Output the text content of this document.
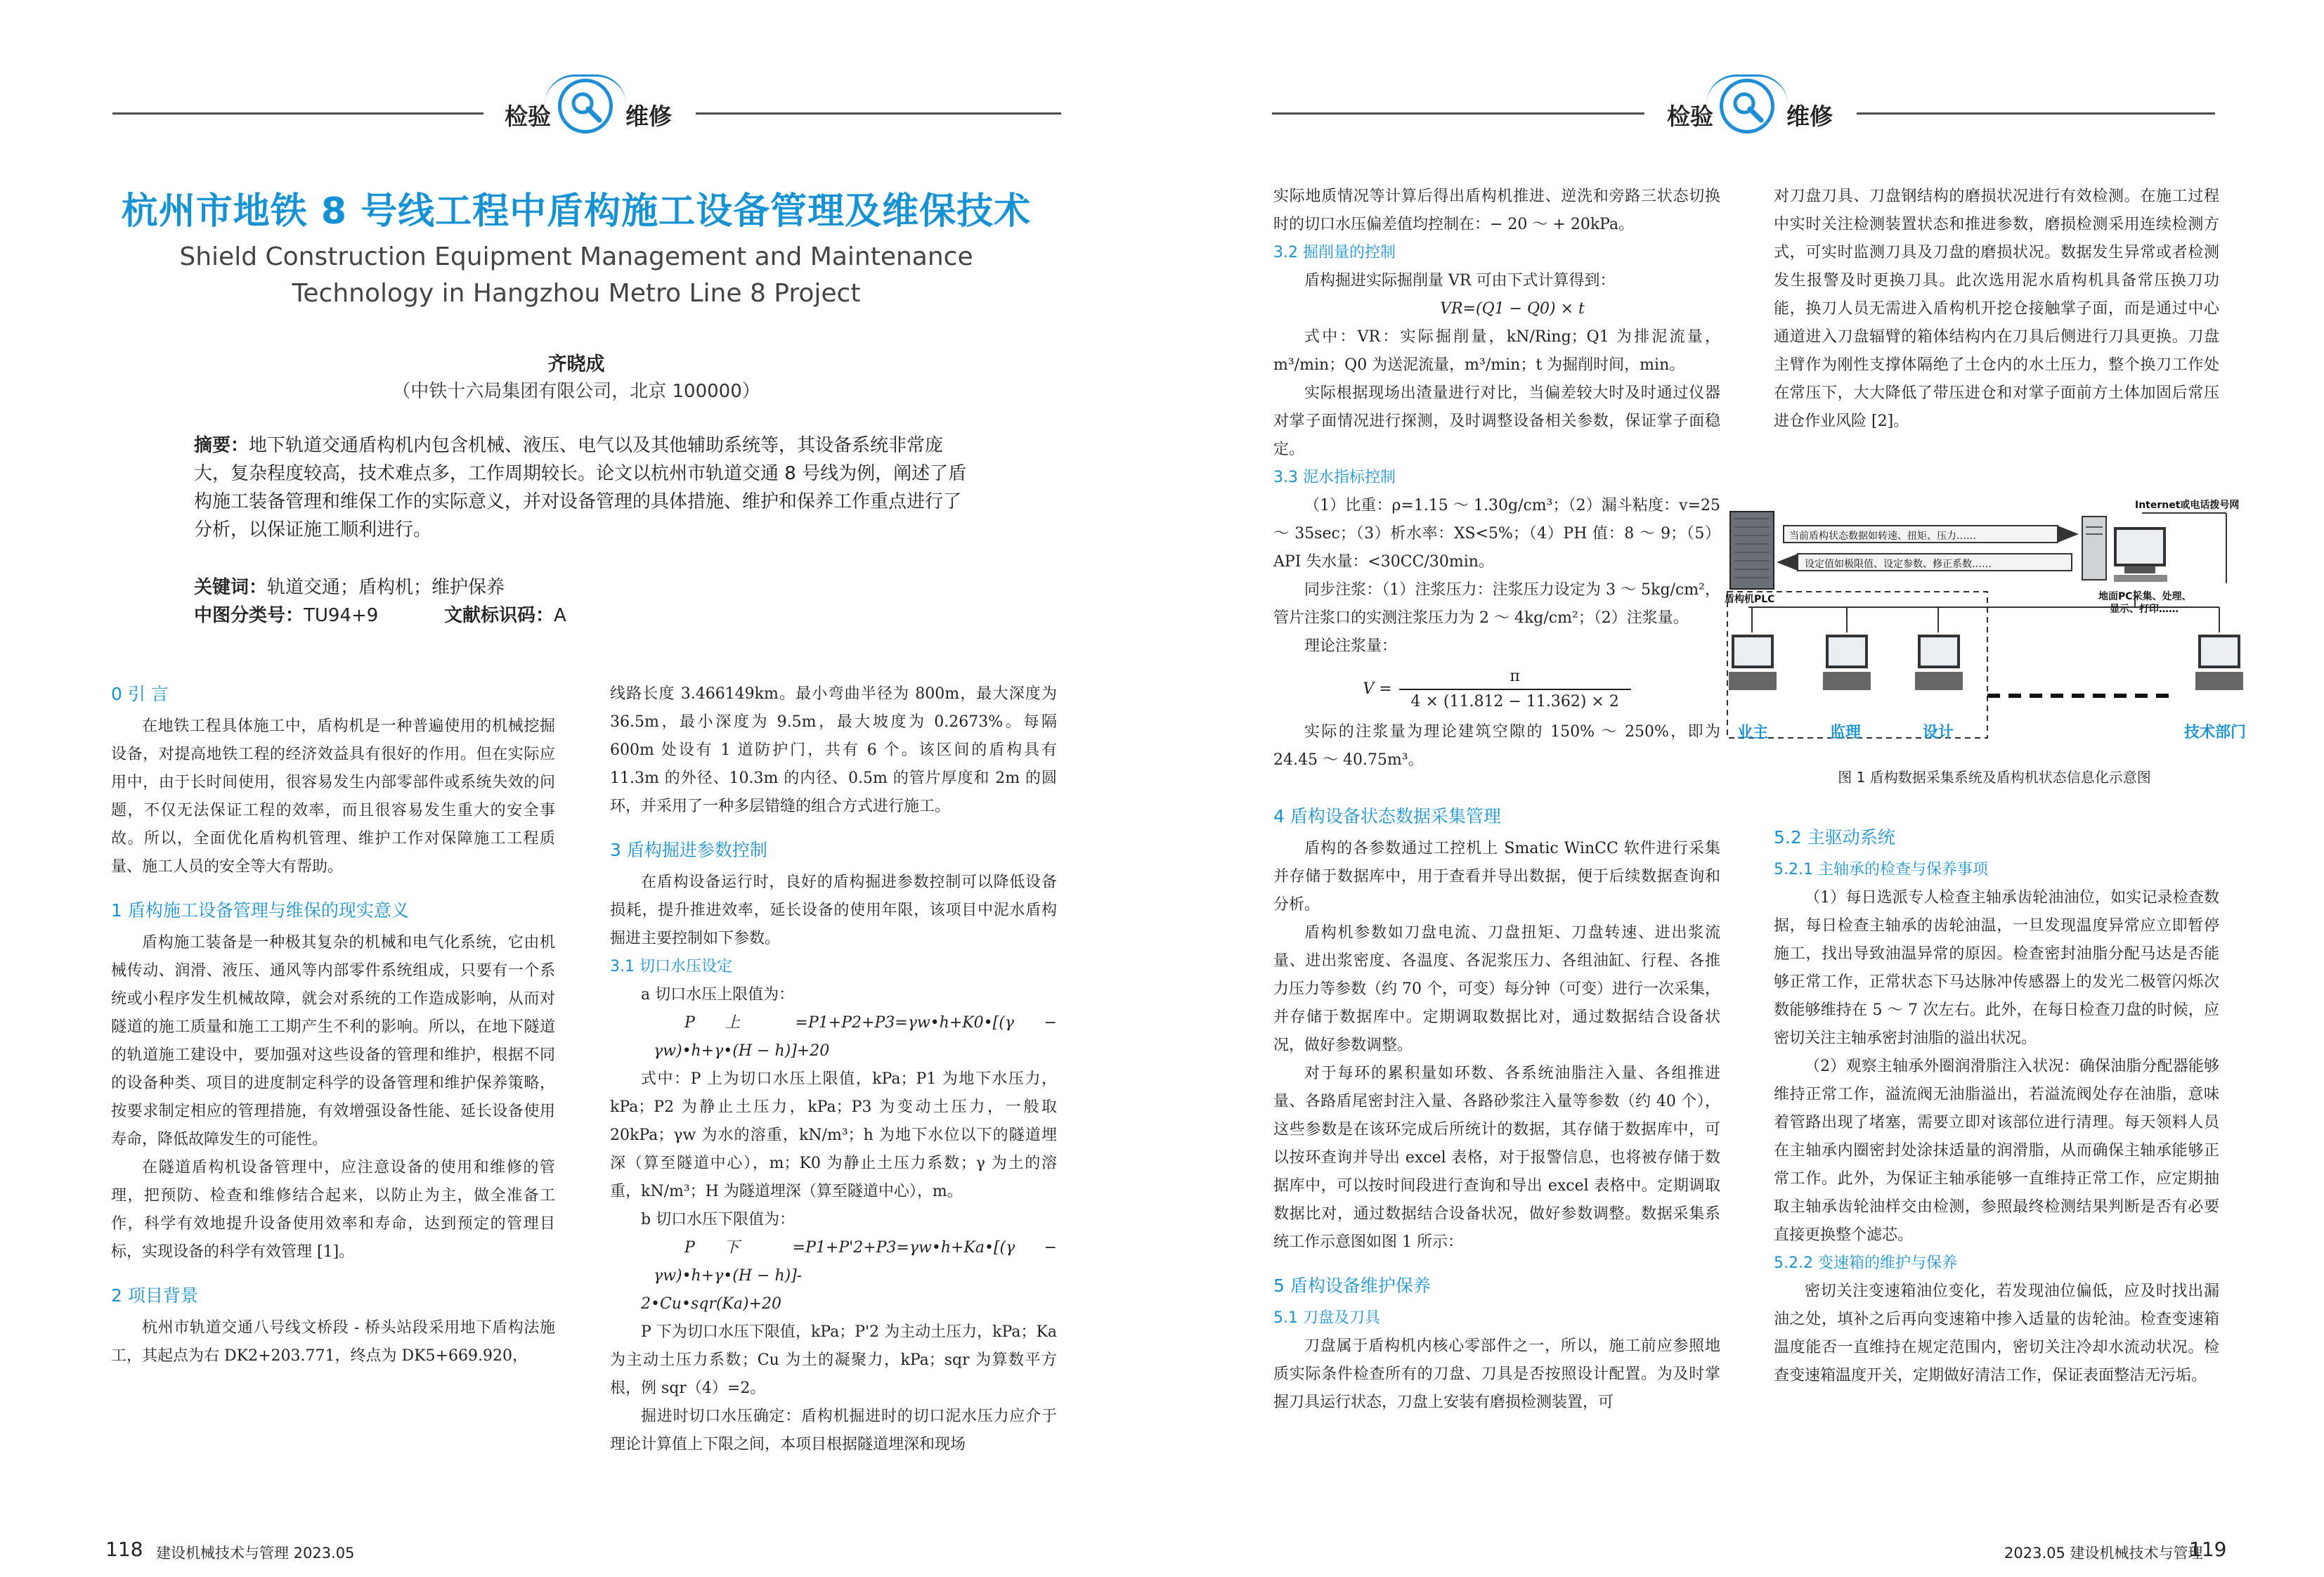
检验	维修	检验	维修
杭州市地铁 8 号线工程中盾构施工设备管理及维保技术
Shield Construction Equipment Management and Maintenance Technology in Hangzhou Metro Line 8 Project
齐晓成
（中铁十六局集团有限公司，北京 100000）
摘要：地下轨道交通盾构机内包含机械、液压、电气以及其他辅助系统等，其设备系统非常庞大，复杂程度较高，技术难点多，工作周期较长。论文以杭州市轨道交通 8 号线为例，阐述了盾构施工装备管理和维保工作的实际意义，并对设备管理的具体措施、维护和保养工作重点进行了分析，以保证施工顺利进行。
关键词：轨道交通；盾构机；维护保养
中图分类号：TU94+9	文献标识码：A
0 引 言

在地铁工程具体施工中，盾构机是一种普遍使用的机械挖掘设备，对提高地铁工程的经济效益具有很好的作用。但在实际应用中，由于长时间使用，很容易发生内部零部件或系统失效的问题，不仅无法保证工程的效率，而且很容易发生重大的安全事故。所以，全面优化盾构机管理、维护工作对保障施工工程质量、施工人员的安全等大有帮助。

1 盾构施工设备管理与维保的现实意义

盾构施工装备是一种极其复杂的机械和电气化系统，它由机械传动、润滑、液压、通风等内部零件系统组成，只要有一个系统或小程序发生机械故障，就会对系统的工作造成影响，从而对隧道的施工质量和施工工期产生不利的影响。所以，在地下隧道的轨道施工建设中，要加强对这些设备的管理和维护，根据不同的设备种类、项目的进度制定科学的设备管理和维护保养策略，按要求制定相应的管理措施，有效增强设备性能、延长设备使用寿命，降低故障发生的可能性。

在隧道盾构机设备管理中，应注意设备的使用和维修的管理，把预防、检查和维修结合起来，以防止为主，做全准备工作，科学有效地提升设备使用效率和寿命，达到预定的管理目标，实现设备的科学有效管理 [1]。

2 项目背景

杭州市轨道交通八号线文桥段 - 桥头站段采用地下盾构法施工，其起点为右 DK2+203.771，终点为 DK5+669.920，

线路长度 3.466149km。最小弯曲半径为 800m，最大深度为 36.5m，最小深度为 9.5m，最大坡度为 0.2673%。每隔 600m 处设有 1 道防护门，共有 6 个。该区间的盾构具有 11.3m 的外径、10.3m 的内径、0.5m 的管片厚度和 2m 的圆环，并采用了一种多层错缝的组合方式进行施工。

3 盾构掘进参数控制

在盾构设备运行时，良好的盾构掘进参数控制可以降低设备损耗，提升推进效率，延长设备的使用年限，该项目中泥水盾构掘进主要控制如下参数。

3.1 切口水压设定

a 切口水压上限值为：

P 上 =P1+P2+P3=γw•h+K0•[(γ − γw)•h+γ•(H − h)]+20

式中：P 上为切口水压上限值，kPa；P1 为地下水压力，kPa；P2 为静止土压力，kPa；P3 为变动土压力，一般取 20kPa；γw 为水的溶重，kN/m³；h 为地下水位以下的隧道埋深（算至隧道中心），m；K0 为静止土压力系数；γ 为土的溶重，kN/m³；H 为隧道埋深（算至隧道中心），m。

b 切口水压下限值为：

P 下 =P1+P'2+P3=γw•h+Ka•[(γ − γw)•h+γ•(H − h)]-

2•Cu•sqr(Ka)+20

P 下为切口水压下限值，kPa；P'2 为主动土压力，kPa；Ka 为主动土压力系数；Cu 为土的凝聚力，kPa；sqr 为算数平方根，例 sqr（4）=2。

掘进时切口水压确定：盾构机掘进时的切口泥水压力应介于理论计算值上下限之间，本项目根据隧道埋深和现场

实际地质情况等计算后得出盾构机推进、逆洗和旁路三状态切换时的切口水压偏差值均控制在：− 20 ～ + 20kPa。

3.2 掘削量的控制

盾构掘进实际掘削量 VR 可由下式计算得到：

VR=(Q1 − Q0) × t

式中：VR：实际掘削量，kN/Ring；Q1 为排泥流量，m³/min；Q0 为送泥流量，m³/min；t 为掘削时间，min。

实际根据现场出渣量进行对比，当偏差较大时及时通过仪器对掌子面情况进行探测，及时调整设备相关参数，保证掌子面稳定。

3.3 泥水指标控制

（1）比重：ρ=1.15 ～ 1.30g/cm³；（2）漏斗粘度：v=25 ～ 35sec；（3）析水率：XS<5%；（4）PH 值：8 ～ 9；（5）API 失水量：<30CC/30min。

同步注浆：（1）注浆压力：注浆压力设定为 3 ～ 5kg/cm²，管片注浆口的实测注浆压力为 2 ～ 4kg/cm²；（2）注浆量。

理论注浆量：

V =
π
4 × (11.812 − 11.362) × 2

实际的注浆量为理论建筑空隙的 150% ～ 250%，即为 24.45 ～ 40.75m³。

4 盾构设备状态数据采集管理

盾构的各参数通过工控机上 Smatic WinCC 软件进行采集并存储于数据库中，用于查看并导出数据，便于后续数据查询和分析。

盾构机参数如刀盘电流、刀盘扭矩、刀盘转速、进出浆流量、进出浆密度、各温度、各泥浆压力、各组油缸、行程、各推力压力等参数（约 70 个，可变）每分钟（可变）进行一次采集，并存储于数据库中。定期调取数据比对，通过数据结合设备状况，做好参数调整。

对于每环的累积量如环数、各系统油脂注入量、各组推进量、各路盾尾密封注入量、各路砂浆注入量等参数（约 40 个），这些参数是在该环完成后所统计的数据，其存储于数据库中，可以按环查询并导出 excel 表格，对于报警信息，也将被存储于数据库中，可以按时间段进行查询和导出 excel 表格中。定期调取数据比对，通过数据结合设备状况，做好参数调整。数据采集系统工作示意图如图 1 所示：

5 盾构设备维护保养
5.1 刀盘及刀具

刀盘属于盾构机内核心零部件之一，所以，施工前应参照地质实际条件检查所有的刀盘、刀具是否按照设计配置。为及时掌握刀具运行状态，刀盘上安装有磨损检测装置，可

对刀盘刀具、刀盘钢结构的磨损状况进行有效检测。在施工过程中实时关注检测装置状态和推进参数，磨损检测采用连续检测方式，可实时监测刀具及刀盘的磨损状况。数据发生异常或者检测发生报警及时更换刀具。此次选用泥水盾构机具备常压换刀功能，换刀人员无需进入盾构机开挖仓接触掌子面，而是通过中心通道进入刀盘辐臂的箱体结构内在刀具后侧进行刀具更换。刀盘主臂作为刚性支撑体隔绝了土仓内的水土压力，整个换刀工作处在常压下，大大降低了带压进仓和对掌子面前方土体加固后常压进仓作业风险 [2]。

Internet或电话拨号网
当前盾构状态数据如转速、扭矩、压力……
设定值如极限值、设定参数、修正系数……
盾构机PLC	地面PC采集、处理、
显示、打印……
业主	监理	设计	技术部门
图 1 盾构数据采集系统及盾构机状态信息化示意图
5.2 主驱动系统
5.2.1 主轴承的检查与保养事项

（1）每日选派专人检查主轴承齿轮油油位，如实记录检查数据，每日检查主轴承的齿轮油温，一旦发现温度异常应立即暂停施工，找出导致油温异常的原因。检查密封油脂分配马达是否能够正常工作，正常状态下马达脉冲传感器上的发光二极管闪烁次数能够维持在 5 ～ 7 次左右。此外，在每日检查刀盘的时候，应密切关注主轴承密封油脂的溢出状况。

（2）观察主轴承外圈润滑脂注入状况：确保油脂分配器能够维持正常工作，溢流阀无油脂溢出，若溢流阀处存在油脂，意味着管路出现了堵塞，需要立即对该部位进行清理。每天领料人员在主轴承内圈密封处涂抹适量的润滑脂，从而确保主轴承能够正常工作。此外，为保证主轴承能够一直维持正常工作，应定期抽取主轴承齿轮油样交由检测，参照最终检测结果判断是否有必要直接更换整个滤芯。

5.2.2 变速箱的维护与保养

密切关注变速箱油位变化，若发现油位偏低，应及时找出漏油之处，填补之后再向变速箱中掺入适量的齿轮油。检查变速箱温度能否一直维持在规定范围内，密切关注冷却水流动状况。检查变速箱温度开关，定期做好清洁工作，保证表面整洁无污垢。

118 建设机械技术与管理 2023.05	2023.05 建设机械技术与管理
119
